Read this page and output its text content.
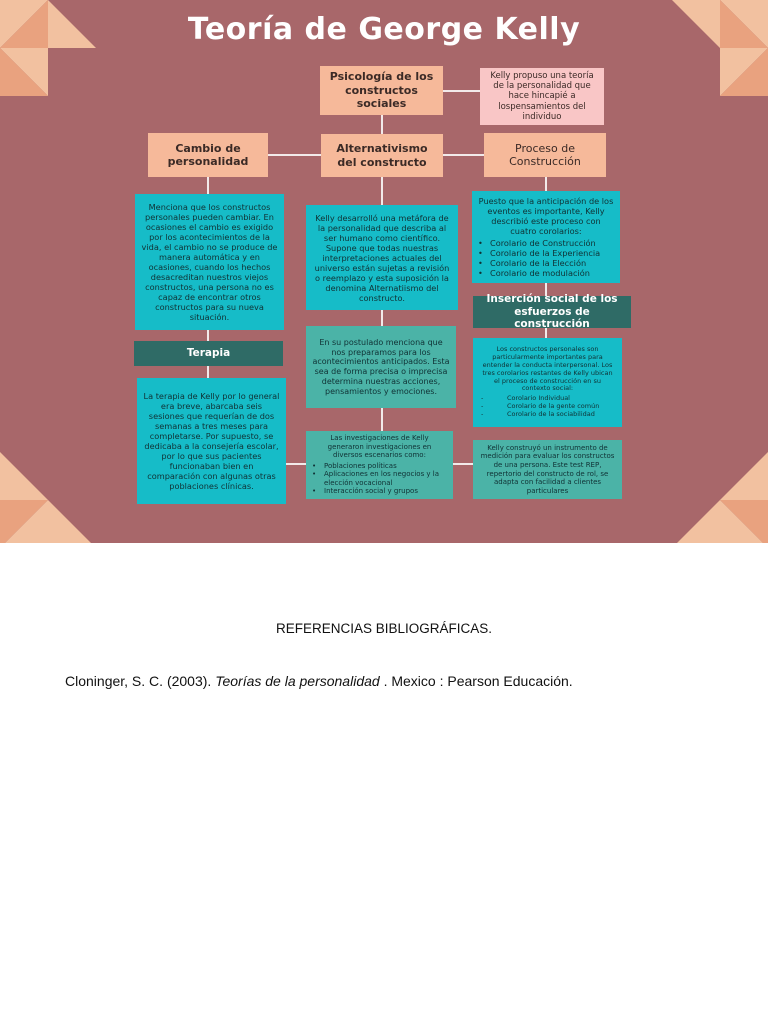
Teoría de George Kelly
Psicología de los constructos sociales
Kelly propuso una teoría de la personalidad que hace hincapié a lospensamientos del individuo
Cambio de personalidad
Alternativismo del constructo
Proceso de Construcción
Menciona que los constructos personales pueden cambiar. En ocasiones el cambio es exigido por los acontecimientos de la vida, el cambio no se produce de manera automática y en ocasiones, cuando los hechos desacreditan nuestros viejos constructos, una persona no es capaz de encontrar otros constructos para su nueva situación.
Kelly desarrolló una metáfora de la personalidad que describa al ser humano como científico. Supone que todas nuestras interpretaciones actuales del universo están sujetas a revisión o reemplazo y esta suposición la denomina Alternatiismo del constructo.
Puesto que la anticipación de los eventos es importante, Kelly describió este proceso con cuatro corolarios:
• Corolario de Construcción
• Corolario de la Experiencia
• Corolario de la Elección
• Corolario de modulación
Terapia
En su postulado menciona que nos preparamos para los acontecimientos anticipados. Esta sea de forma precisa o imprecisa determina nuestras acciones, pensamientos y emociones.
Inserción social de los esfuerzos de construcción
Los constructos personales son particularmente importantes para entender la conducta interpersonal. Los tres corolarios restantes de Kelly ubican el proceso de construcción en su contexto social:
- Corolario Individual
- Corolario de la gente común
- Corolario de la sociabilidad
La terapia de Kelly por lo general era breve, abarcaba seis sesiones que requerían de dos semanas a tres meses para completarse. Por supuesto, se dedicaba a la consejería escolar, por lo que sus pacientes funcionaban bien en comparación con algunas otras poblaciones clínicas.
Las investigaciones de Kelly generaron investigaciones en diversos escenarios como:
• Poblaciones políticas
• Aplicaciones en los negocios y la elección vocacional
• Interacción social y grupos
Kelly construyó un instrumento de medición para evaluar los constructos de una persona. Este test REP, repertorio del constructo de rol, se adapta con facilidad a clientes particulares
REFERENCIAS BIBLIOGRÁFICAS.
Cloninger, S. C. (2003). Teorías de la personalidad . Mexico : Pearson Educación.
